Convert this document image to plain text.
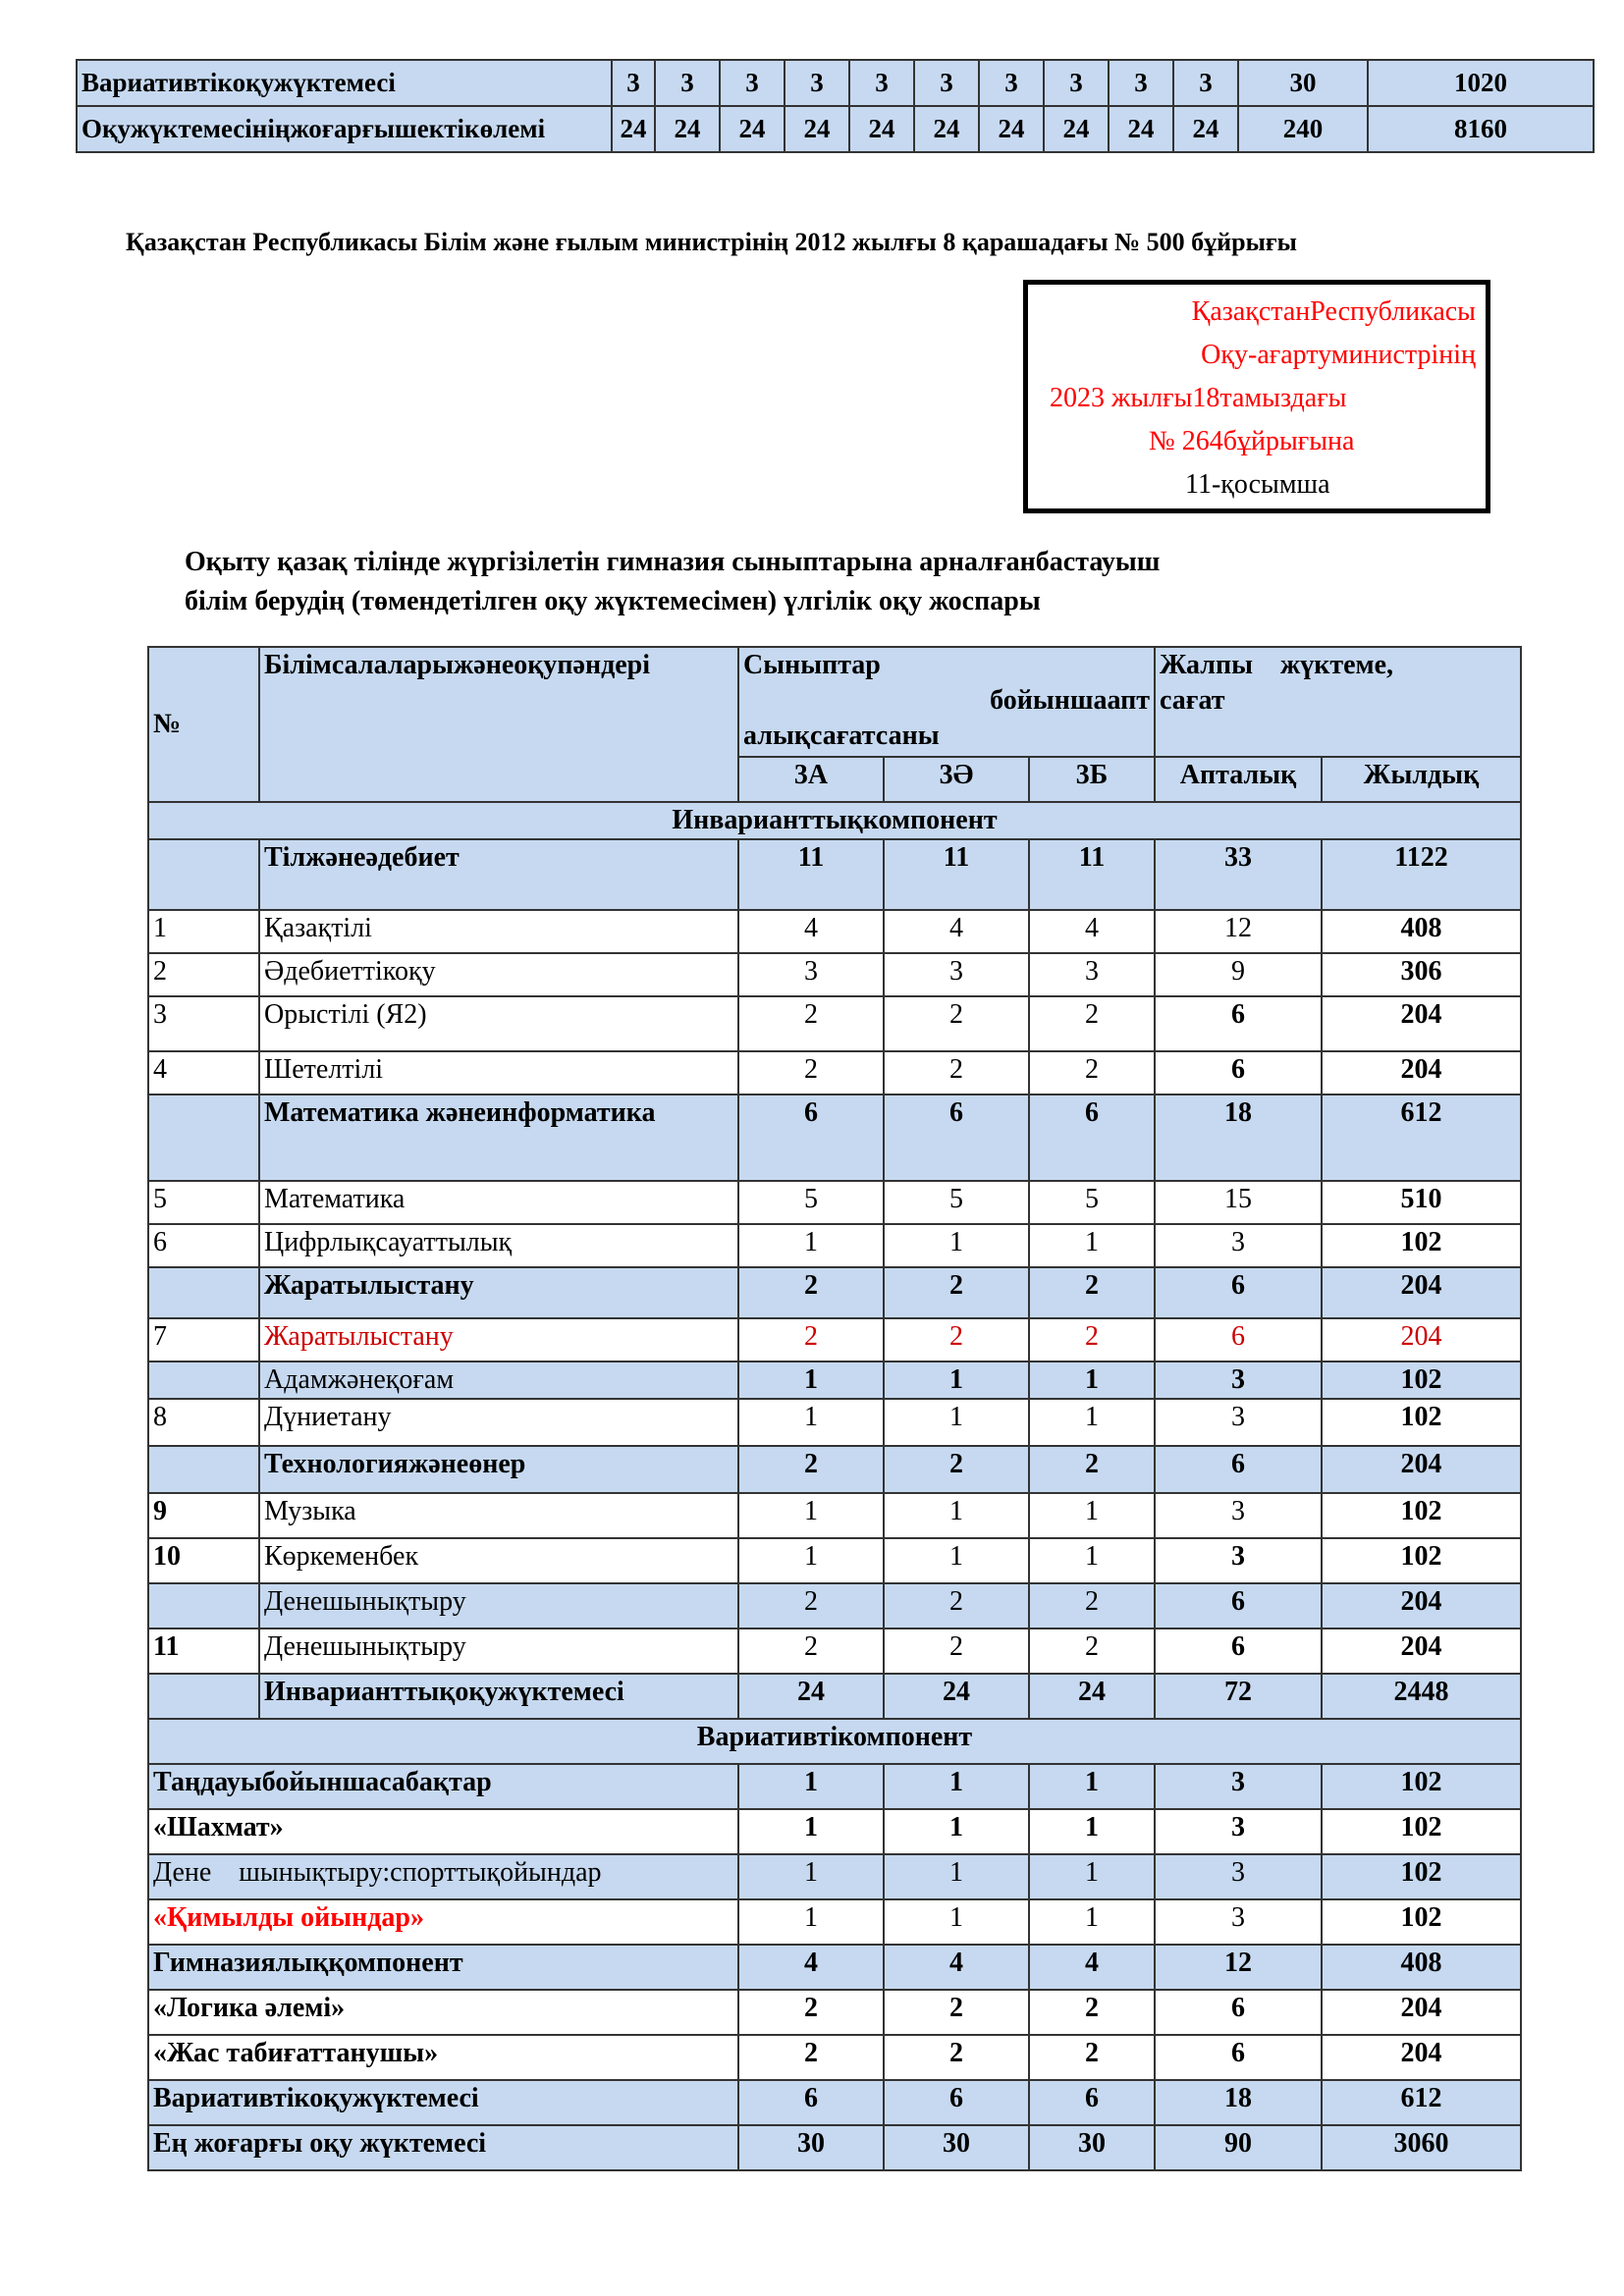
Вариативтікоқужүктемесі	3	3	3	3	3	3	3	3	3	3	30	1020
Оқужүктемесініңжоғарғышектікөлемі	24	24	24	24	24	24	24	24	24	24	240	8160
Қазақстан Республикасы Білім және ғылым министрінің 2012 жылғы 8 қарашадағы № 500 бұйрығы
ҚазақстанРеспубликасы
Оқу-ағартуминистрінің
2023 жылғы18тамыздағы
№ 264бұйрығына
11-қосымша
Оқыту қазақ тілінде жүргізілетін гимназия сыныптарына арналғанбастауыш
білім берудің (төмендетілген оқу жүктемесімен) үлгілік оқу жоспары
№	Білімсалаларыжәнеоқупәндері	Сыныптар
бойыншаапт
алықсағатсаны

Жалпы    жүктеме,
сағат

		3А	3Ә	3Б	Апталық	Жылдық
Инварианттықкомпонент						
	Тілжәнеәдебиет	11	11	11	33	1122
1	Қазақтілі	4	4	4	12	408
2	Әдебиеттікоқу	3	3	3	9	306
3	Орыстілі (Я2)	2	2	2	6	204
4	Шетелтілі	2	2	2	6	204
	Математика жәнеинформатика	6	6	6	18	612
5	Математика	5	5	5	15	510
6	Цифрлықсауаттылық	1	1	1	3	102
	Жаратылыстану	2	2	2	6	204
7	Жаратылыстану	2	2	2	6	204
	Адамжәнеқоғам	1	1	1	3	102
8	Дүниетану	1	1	1	3	102
	Технологияжәнеөнер	2	2	2	6	204
9	Музыка	1	1	1	3	102
10	Көркеменбек	1	1	1	3	102
	Денешынықтыру	2	2	2	6	204
11	Денешынықтыру	2	2	2	6	204
	Инварианттықоқужүктемесі	24	24	24	72	2448
Вариативтікомпонент						
Таңдауыбойыншасабақтар		1	1	1	3	102
«Шахмат»		1	1	1	3	102
Дене    шынықтыру:спорттықойындар		1	1	1	3	102
«Қимылды ойындар»		1	1	1	3	102
Гимназиялыққомпонент		4	4	4	12	408
«Логика әлемі»		2	2	2	6	204
«Жас табиғаттанушы»		2	2	2	6	204
Вариативтікоқужүктемесі		6	6	6	18	612
Ең жоғарғы оқу жүктемесі		30	30	30	90	3060
